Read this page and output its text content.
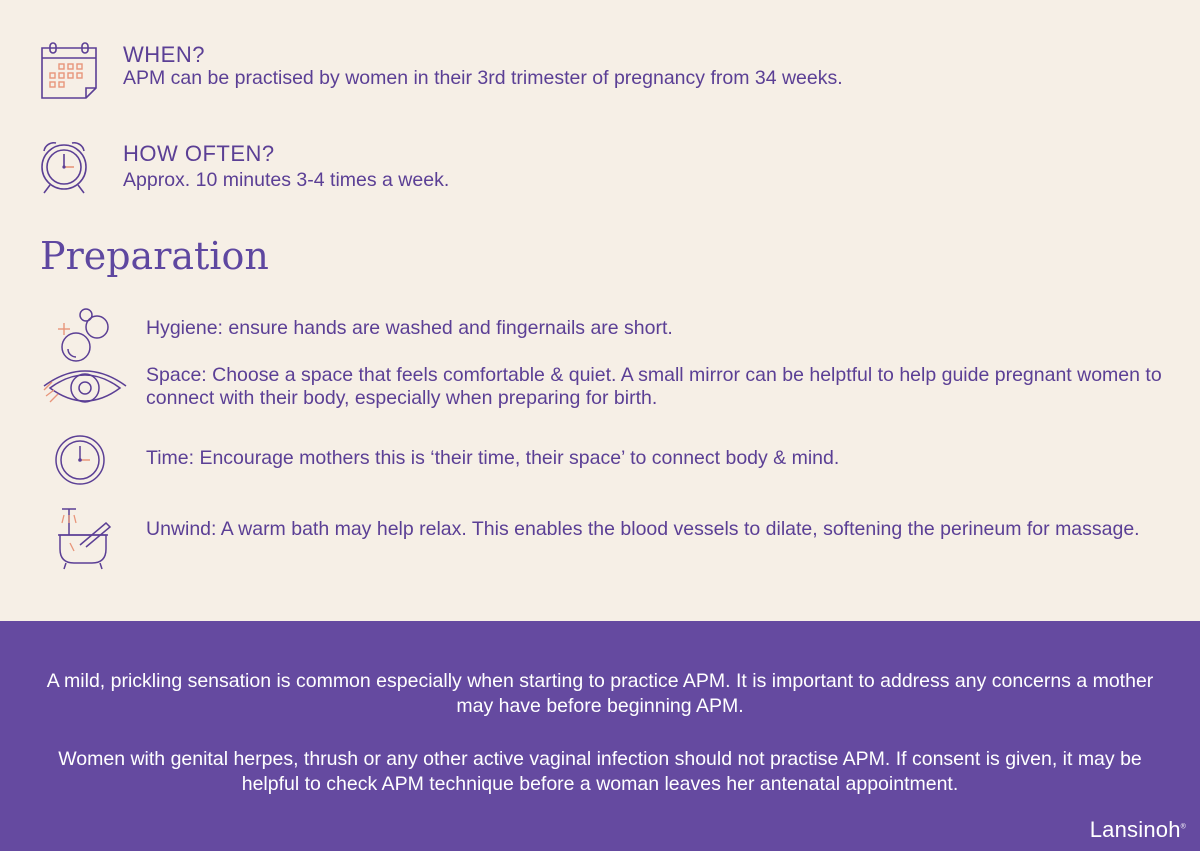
WHEN?
APM can be practised by women in their 3rd trimester of pregnancy from 34 weeks.
HOW OFTEN?
Approx. 10 minutes 3-4 times a week.
Preparation
Hygiene: ensure hands are washed and fingernails are short.
Space: Choose a space that feels comfortable & quiet. A small mirror can be helptful to help guide pregnant women to connect with their body, especially when preparing for birth.
Time: Encourage mothers this is ‘their time, their space’ to connect body & mind.
Unwind: A warm bath may help relax. This enables the blood vessels to dilate, softening the perineum for massage.

A mild, prickling sensation is common especially when starting to practice APM. It is important to address any concerns a mother may have before beginning APM.

Women with genital herpes, thrush or any other active vaginal infection should not practise APM. If consent is given, it may be helpful to check APM technique before a woman leaves her antenatal appointment.

Lansinoh®
